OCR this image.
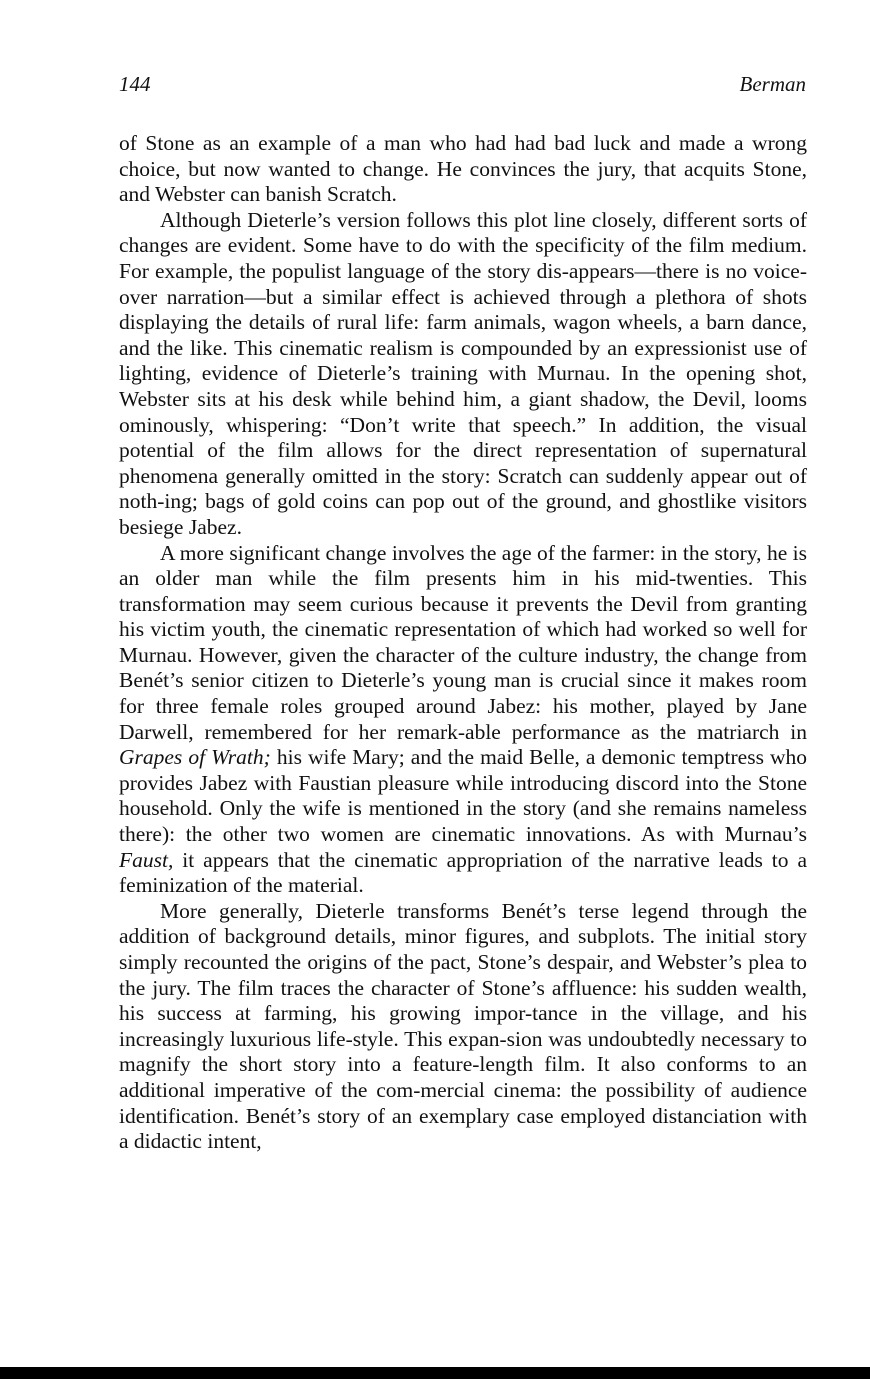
144	Berman

of Stone as an example of a man who had had bad luck and made a wrong choice, but now wanted to change. He convinces the jury, that acquits Stone, and Webster can banish Scratch.

Although Dieterle’s version follows this plot line closely, different sorts of changes are evident. Some have to do with the specificity of the film medium. For example, the populist language of the story dis-appears—there is no voice-over narration—but a similar effect is achieved through a plethora of shots displaying the details of rural life: farm animals, wagon wheels, a barn dance, and the like. This cinematic realism is compounded by an expressionist use of lighting, evidence of Dieterle’s training with Murnau. In the opening shot, Webster sits at his desk while behind him, a giant shadow, the Devil, looms ominously, whispering: “Don’t write that speech.” In addition, the visual potential of the film allows for the direct representation of supernatural phenomena generally omitted in the story: Scratch can suddenly appear out of noth-ing; bags of gold coins can pop out of the ground, and ghostlike visitors besiege Jabez.

A more significant change involves the age of the farmer: in the story, he is an older man while the film presents him in his mid-twenties. This transformation may seem curious because it prevents the Devil from granting his victim youth, the cinematic representation of which had worked so well for Murnau. However, given the character of the culture industry, the change from Benét’s senior citizen to Dieterle’s young man is crucial since it makes room for three female roles grouped around Jabez: his mother, played by Jane Darwell, remembered for her remark-able performance as the matriarch in Grapes of Wrath; his wife Mary; and the maid Belle, a demonic temptress who provides Jabez with Faustian pleasure while introducing discord into the Stone household. Only the wife is mentioned in the story (and she remains nameless there): the other two women are cinematic innovations. As with Murnau’s Faust, it appears that the cinematic appropriation of the narrative leads to a feminization of the material.

More generally, Dieterle transforms Benét’s terse legend through the addition of background details, minor figures, and subplots. The initial story simply recounted the origins of the pact, Stone’s despair, and Webster’s plea to the jury. The film traces the character of Stone’s affluence: his sudden wealth, his success at farming, his growing impor-tance in the village, and his increasingly luxurious life-style. This expan-sion was undoubtedly necessary to magnify the short story into a feature-length film. It also conforms to an additional imperative of the com-mercial cinema: the possibility of audience identification. Benét’s story of an exemplary case employed distanciation with a didactic intent,
